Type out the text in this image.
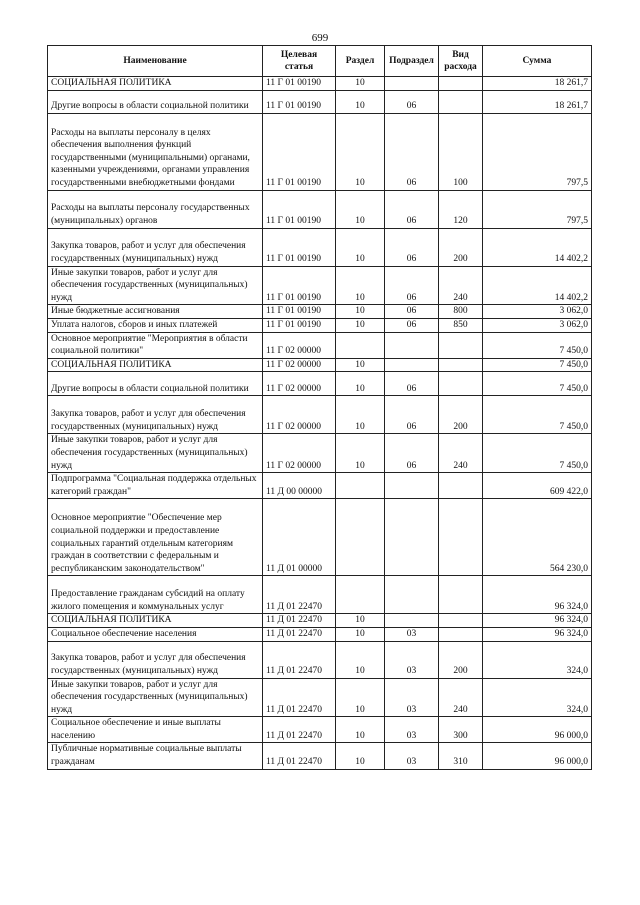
699
Наименование	Целевая статья	Раздел	Подраздел	Вид расхода	Сумма
СОЦИАЛЬНАЯ ПОЛИТИКА	11 Г 01 00190	10			18 261,7
Другие вопросы в области социальной политики	11 Г 01 00190	10	06		18 261,7
Расходы на выплаты персоналу в целях обеспечения выполнения функций государственными (муниципальными) органами, казенными учреждениями, органами управления государственными внебюджетными фондами	11 Г 01 00190	10	06	100	797,5
Расходы на выплаты персоналу государственных (муниципальных) органов	11 Г 01 00190	10	06	120	797,5
Закупка товаров, работ и услуг для обеспечения государственных (муниципальных) нужд	11 Г 01 00190	10	06	200	14 402,2
Иные закупки товаров, работ и услуг для обеспечения государственных (муниципальных) нужд	11 Г 01 00190	10	06	240	14 402,2
Иные бюджетные ассигнования	11 Г 01 00190	10	06	800	3 062,0
Уплата налогов, сборов и иных платежей	11 Г 01 00190	10	06	850	3 062,0
Основное мероприятие "Мероприятия в области социальной политики"	11 Г 02 00000				7 450,0
СОЦИАЛЬНАЯ ПОЛИТИКА	11 Г 02 00000	10			7 450,0
Другие вопросы в области социальной политики	11 Г 02 00000	10	06		7 450,0
Закупка товаров, работ и услуг для обеспечения государственных (муниципальных) нужд	11 Г 02 00000	10	06	200	7 450,0
Иные закупки товаров, работ и услуг для обеспечения государственных (муниципальных) нужд	11 Г 02 00000	10	06	240	7 450,0
Подпрограмма "Социальная поддержка отдельных категорий граждан"	11 Д 00 00000				609 422,0
Основное мероприятие "Обеспечение мер социальной поддержки и предоставление социальных гарантий отдельным категориям граждан в соответствии с федеральным и республиканским законодательством"	11 Д 01 00000				564 230,0
Предоставление гражданам субсидий на оплату жилого помещения и коммунальных услуг	11 Д 01 22470				96 324,0
СОЦИАЛЬНАЯ ПОЛИТИКА	11 Д 01 22470	10			96 324,0
Социальное обеспечение населения	11 Д 01 22470	10	03		96 324,0
Закупка товаров, работ и услуг для обеспечения государственных (муниципальных) нужд	11 Д 01 22470	10	03	200	324,0
Иные закупки товаров, работ и услуг для обеспечения государственных (муниципальных) нужд	11 Д 01 22470	10	03	240	324,0
Социальное обеспечение и иные выплаты населению	11 Д 01 22470	10	03	300	96 000,0
Публичные нормативные социальные выплаты гражданам	11 Д 01 22470	10	03	310	96 000,0
